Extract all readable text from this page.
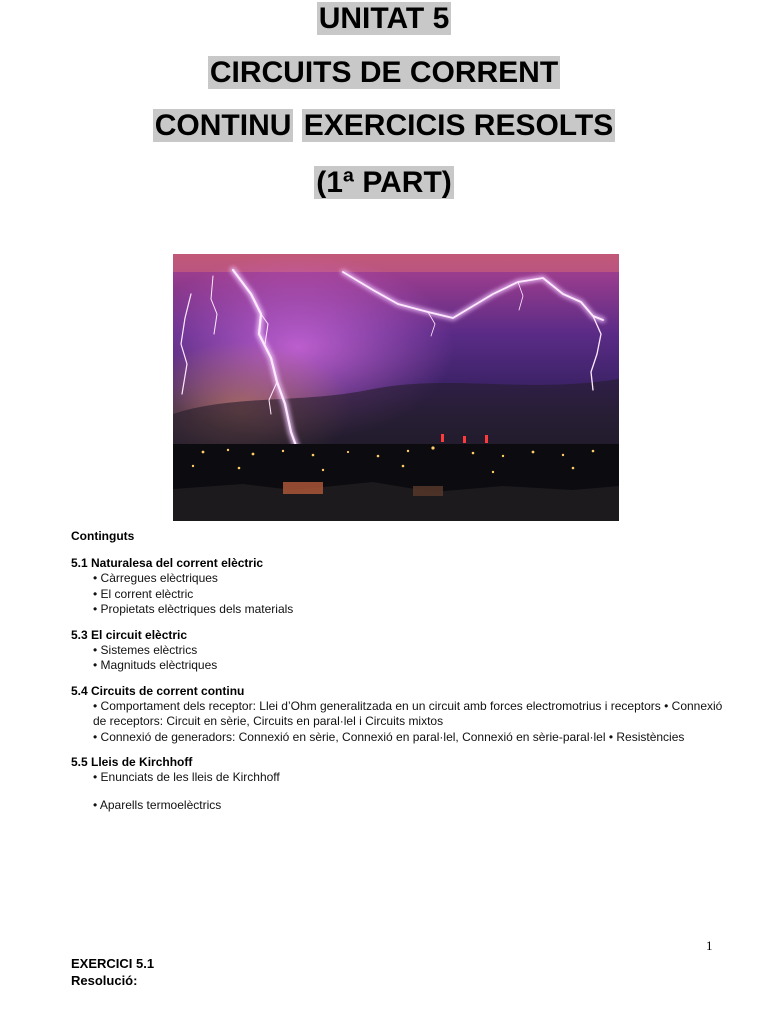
UNITAT 5
CIRCUITS DE CORRENT
CONTINU EXERCICIS RESOLTS
(1ª PART)
Continguts
5.1 Naturalesa del corrent elèctric
• Càrregues elèctriques
• El corrent elèctric
• Propietats elèctriques dels materials
5.3 El circuit elèctric
• Sistemes elèctrics
• Magnituds elèctriques
5.4 Circuits de corrent continu
• Comportament dels receptor: Llei d’Ohm generalitzada en un circuit amb forces electromotrius i receptors • Connexió de receptors: Circuit en sèrie, Circuits en paral·lel i Circuits mixtos
• Connexió de generadors: Connexió en sèrie, Connexió en paral·lel, Connexió en sèrie-paral·lel • Resistències
5.5 Lleis de Kirchhoff
• Enunciats de les lleis de Kirchhoff
• Aparells termoelèctrics
1
EXERCICI 5.1
Resolució:
